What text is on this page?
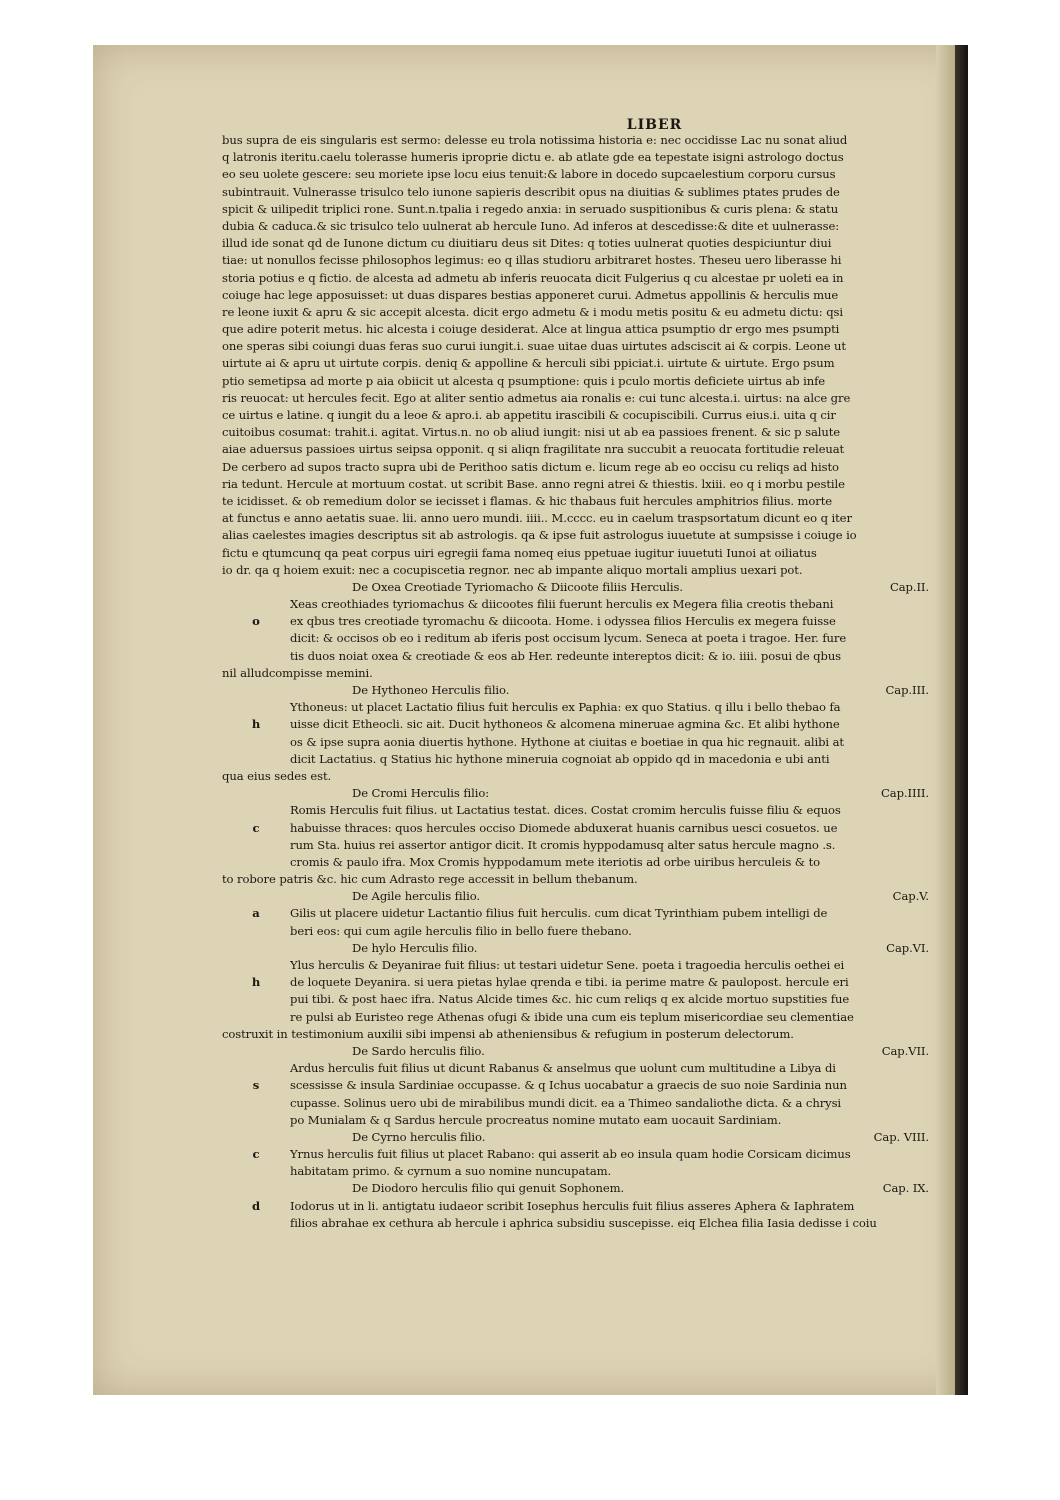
LIBER
bus supra de eis singularis est sermo: delesse eu trola notissima historia e: nec occidisse Lac nu sonat aliud
q latronis iteritu.caelu tolerasse humeris iproprie dictu e. ab atlate gde ea tepestate isigni astrologo doctus
eo seu uolete gescere: seu moriete ipse locu eius tenuit:& labore in docedo supcaelestium corporu cursus
subintrauit. Vulnerasse trisulco telo iunone sapieris describit opus na diuitias & sublimes ptates prudes de
spicit & uilipedit triplici rone. Sunt.n.tpalia i regedo anxia: in seruado suspitionibus & curis plena: & statu
dubia & caduca.& sic trisulco telo uulnerat ab hercule Iuno. Ad inferos at descedisse:& dite et uulnerasse:
illud ide sonat qd de Iunone dictum cu diuitiaru deus sit Dites: q toties uulnerat quoties despiciuntur diui
tiae: ut nonullos fecisse philosophos legimus: eo q illas studioru arbitraret hostes. Theseu uero liberasse hi
storia potius e q fictio. de alcesta ad admetu ab inferis reuocata dicit Fulgerius q cu alcestae pr uoleti ea in
coiuge hac lege apposuisset: ut duas dispares bestias apponeret curui. Admetus appollinis & herculis mue
re leone iuxit & apru & sic accepit alcesta. dicit ergo admetu & i modu metis positu & eu admetu dictu: qsi
que adire poterit metus. hic alcesta i coiuge desiderat. Alce at lingua attica psumptio dr ergo mes psumpti
one speras sibi coiungi duas feras suo curui iungit.i. suae uitae duas uirtutes adsciscit ai & corpis. Leone ut
uirtute ai & apru ut uirtute corpis. deniq & appolline & herculi sibi ppiciat.i. uirtute & uirtute. Ergo psum
ptio semetipsa ad morte p aia obiicit ut alcesta q psumptione: quis i pculo mortis deficiete uirtus ab infe
ris reuocat: ut hercules fecit. Ego at aliter sentio admetus aia ronalis e: cui tunc alcesta.i. uirtus: na alce gre
ce uirtus e latine. q iungit du a leoe & apro.i. ab appetitu irascibili & cocupiscibili. Currus eius.i. uita q cir
cuitoibus cosumat: trahit.i. agitat. Virtus.n. no ob aliud iungit: nisi ut ab ea passioes frenent. & sic p salute
aiae aduersus passioes uirtus seipsa opponit. q si aliqn fragilitate nra succubit a reuocata fortitudie releuat
De cerbero ad supos tracto supra ubi de Perithoo satis dictum e. licum rege ab eo occisu cu reliqs ad histo
ria tedunt. Hercule at mortuum costat. ut scribit Base. anno regni atrei & thiestis. lxiii. eo q i morbu pestile
te icidisset. & ob remedium dolor se iecisset i flamas. & hic thabaus fuit hercules amphitrios filius. morte
at functus e anno aetatis suae. lii. anno uero mundi. iiii.. M.cccc. eu in caelum traspsortatum dicunt eo q iter
alias caelestes imagies descriptus sit ab astrologis. qa & ipse fuit astrologus iuuetute at sumpsisse i coiuge io
fictu e qtumcunq qa peat corpus uiri egregii fama nomeq eius ppetuae iugitur iuuetuti Iunoi at oiliatus
io dr. qa q hoiem exuit: nec a cocupiscetia regnor. nec ab impante aliquo mortali amplius uexari pot.
De Oxea Creotiade Tyriomacho & Diicoote filiis Herculis.	Cap.II.
Xeas creothiades tyriomachus & diicootes filii fuerunt herculis ex Megera filia creotis thebani
o	ex qbus tres creotiade tyromachu & diicoota. Home. i odyssea filios Herculis ex megera fuisse
dicit: & occisos ob eo i reditum ab iferis post occisum lycum. Seneca at poeta i tragoe. Her. fure
tis duos noiat oxea & creotiade & eos ab Her. redeunte intereptos dicit: & io. iiii. posui de qbus
nil alludcompisse memini.
De Hythoneo Herculis filio.	Cap.III.
Ythoneus: ut placet Lactatio filius fuit herculis ex Paphia: ex quo Statius. q illu i bello thebao fa
h	uisse dicit Etheocli. sic ait. Ducit hythoneos & alcomena mineruae agmina &c. Et alibi hythone
os & ipse supra aonia diuertis hythone. Hythone at ciuitas e boetiae in qua hic regnauit. alibi at
dicit Lactatius. q Statius hic hythone mineruia cognoiat ab oppido qd in macedonia e ubi anti
qua eius sedes est.
De Cromi Herculis filio:	Cap.IIII.
Romis Herculis fuit filius. ut Lactatius testat. dices. Costat cromim herculis fuisse filiu & equos
c	habuisse thraces: quos hercules occiso Diomede abduxerat huanis carnibus uesci cosuetos. ue
rum Sta. huius rei assertor antigor dicit. It cromis hyppodamusq alter satus hercule magno .s.
cromis & paulo ifra. Mox Cromis hyppodamum mete iteriotis ad orbe uiribus herculeis & to
to robore patris &c. hic cum Adrasto rege accessit in bellum thebanum.
De Agile herculis filio.	Cap.V.
a	Gilis ut placere uidetur Lactantio filius fuit herculis. cum dicat Tyrinthiam pubem intelligi de
beri eos: qui cum agile herculis filio in bello fuere thebano.
De hylo Herculis filio.	Cap.VI.
Ylus herculis & Deyanirae fuit filius: ut testari uidetur Sene. poeta i tragoedia herculis oethei ei
h	de loquete Deyanira. si uera pietas hylae qrenda e tibi. ia perime matre & paulopost. hercule eri
pui tibi. & post haec ifra. Natus Alcide times &c. hic cum reliqs q ex alcide mortuo supstities fue
re pulsi ab Euristeo rege Athenas ofugi & ibide una cum eis teplum misericordiae seu clementiae
costruxit in testimonium auxilii sibi impensi ab atheniensibus & refugium in posterum delectorum.
De Sardo herculis filio.	Cap.VII.
Ardus herculis fuit filius ut dicunt Rabanus & anselmus que uolunt cum multitudine a Libya di
s	scessisse & insula Sardiniae occupasse. & q Ichus uocabatur a graecis de suo noie Sardinia nun
cupasse. Solinus uero ubi de mirabilibus mundi dicit. ea a Thimeo sandaliothe dicta. & a chrysi
po Munialam & q Sardus hercule procreatus nomine mutato eam uocauit Sardiniam.
De Cyrno herculis filio.	Cap. VIII.
c	Yrnus herculis fuit filius ut placet Rabano: qui asserit ab eo insula quam hodie Corsicam dicimus
habitatam primo. & cyrnum a suo nomine nuncupatam.
De Diodoro herculis filio qui genuit Sophonem.	Cap. IX.
d	Iodorus ut in li. antigtatu iudaeor scribit Iosephus herculis fuit filius asseres Aphera & Iaphratem
filios abrahae ex cethura ab hercule i aphrica subsidiu suscepisse. eiq Elchea filia Iasia dedisse i coiu
